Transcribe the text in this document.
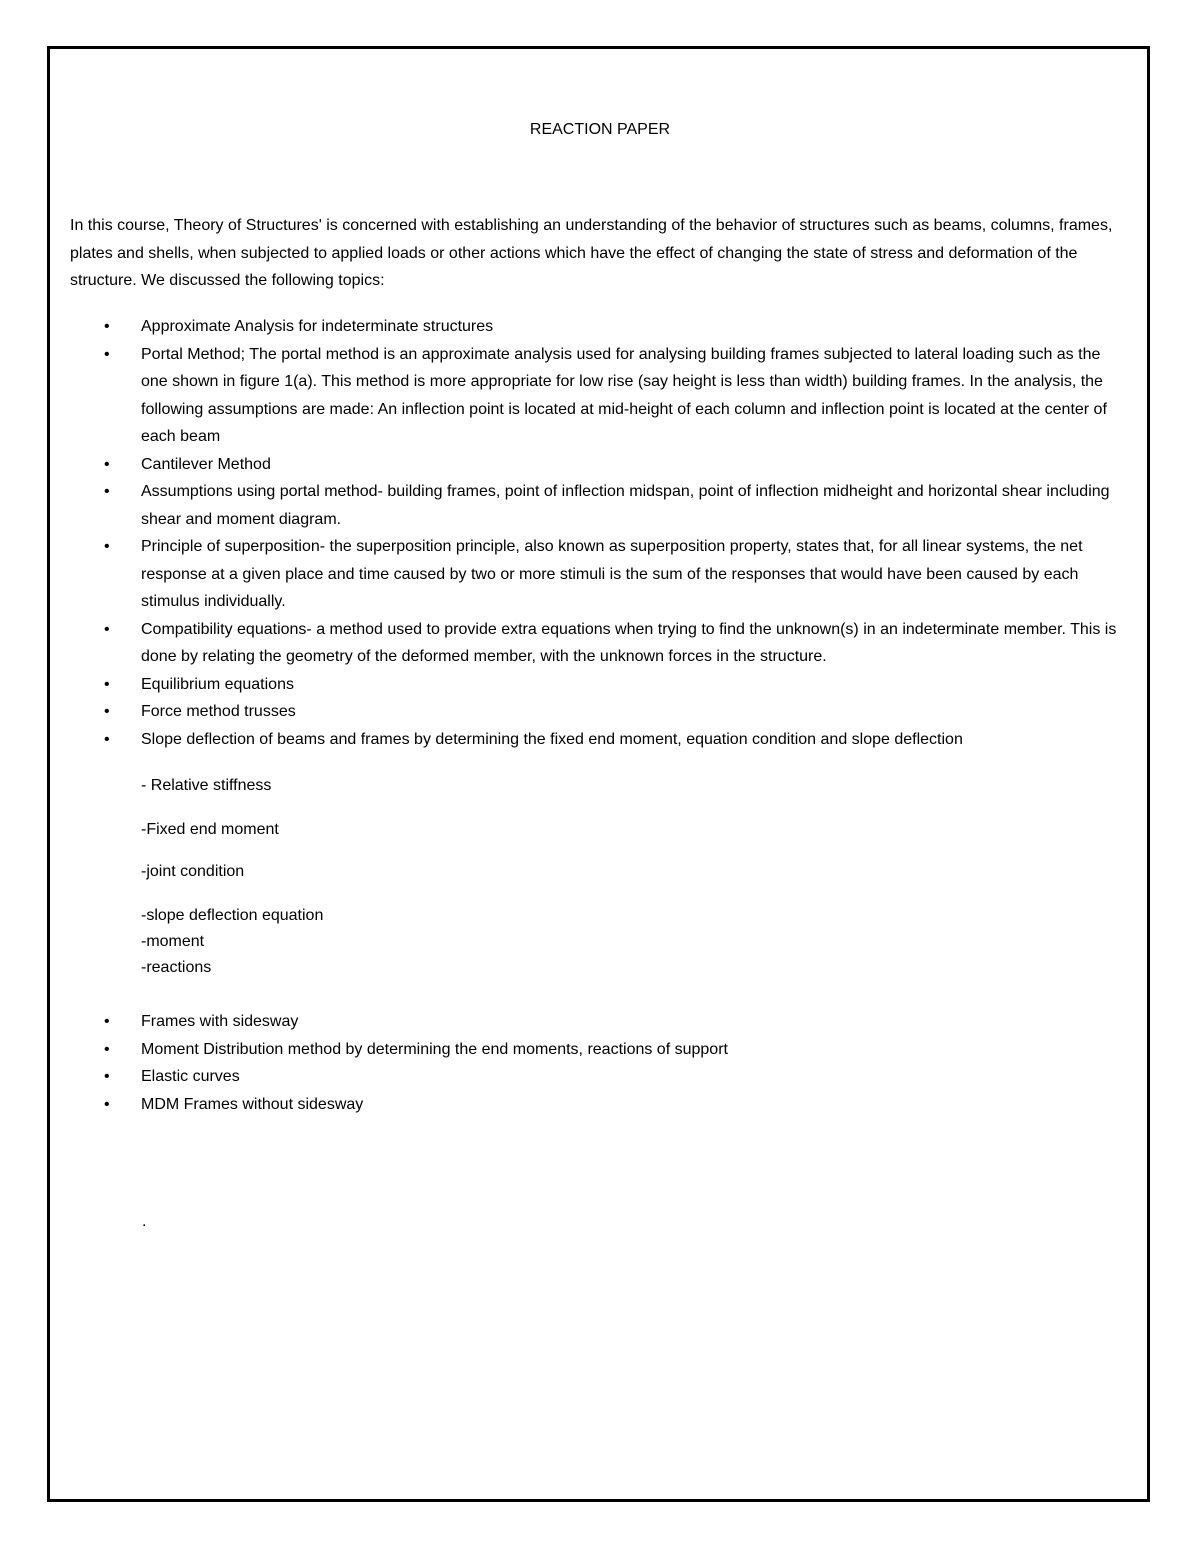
REACTION PAPER

In this course, Theory of Structures' is concerned with establishing an understanding of the behavior of structures such as beams, columns, frames, plates and shells, when subjected to applied loads or other actions which have the effect of changing the state of stress and deformation of the structure. We discussed the following topics:

• Approximate Analysis for indeterminate structures
• Portal Method; The portal method is an approximate analysis used for analysing building frames subjected to lateral loading such as the one shown in figure 1(a). This method is more appropriate for low rise (say height is less than width) building frames. In the analysis, the following assumptions are made: An inflection point is located at mid-height of each column and inflection point is located at the center of each beam
• Cantilever Method
• Assumptions using portal method- building frames, point of inflection midspan, point of inflection midheight and horizontal shear including shear and moment diagram.
• Principle of superposition- the superposition principle, also known as superposition property, states that, for all linear systems, the net response at a given place and time caused by two or more stimuli is the sum of the responses that would have been caused by each stimulus individually.
• Compatibility equations- a method used to provide extra equations when trying to find the unknown(s) in an indeterminate member. This is done by relating the geometry of the deformed member, with the unknown forces in the structure.
• Equilibrium equations
• Force method trusses
• Slope deflection of beams and frames by determining the fixed end moment, equation condition and slope deflection
- Relative stiffness
-Fixed end moment
-joint condition
-slope deflection equation
-moment
-reactions
• Frames with sidesway
• Moment Distribution method by determining the end moments, reactions of support
• Elastic curves
• MDM Frames without sidesway
.
